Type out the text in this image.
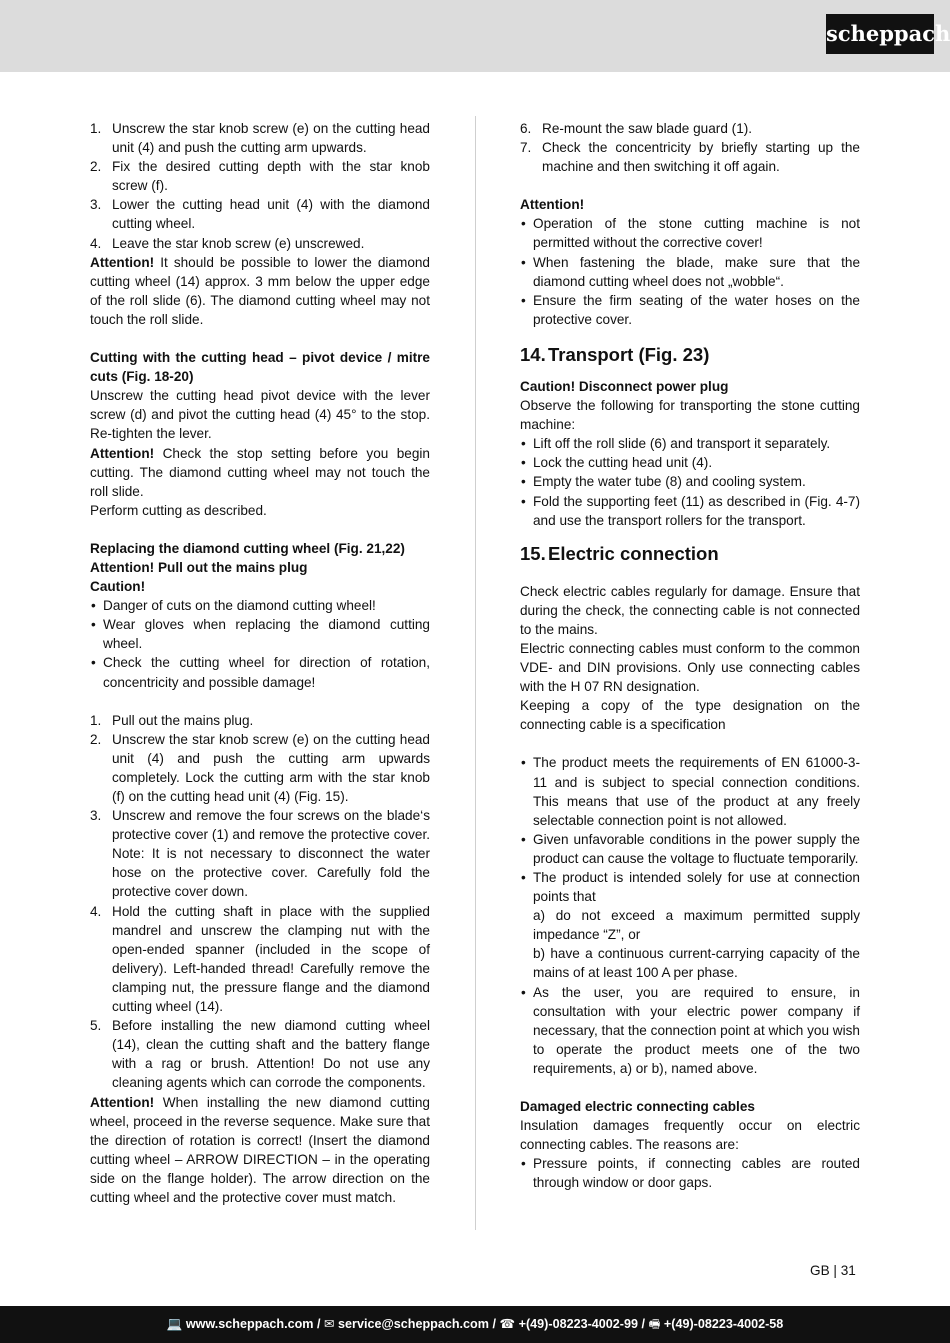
scheppach
1. Unscrew the star knob screw (e) on the cutting head unit (4) and push the cutting arm upwards.
2. Fix the desired cutting depth with the star knob screw (f).
3. Lower the cutting head unit (4) with the diamond cutting wheel.
4. Leave the star knob screw (e) unscrewed.

Attention! It should be possible to lower the diamond cutting wheel (14) approx. 3 mm below the upper edge of the roll slide (6). The diamond cutting wheel may not touch the roll slide.

Cutting with the cutting head – pivot device / mitre cuts (Fig. 18-20)

Unscrew the cutting head pivot device with the lever screw (d) and pivot the cutting head (4) 45° to the stop. Re-tighten the lever.

Attention! Check the stop setting before you begin cutting. The diamond cutting wheel may not touch the roll slide.

Perform cutting as described.

Replacing the diamond cutting wheel (Fig. 21,22)

Attention! Pull out the mains plug

Caution!

• Danger of cuts on the diamond cutting wheel!
• Wear gloves when replacing the diamond cutting wheel.
• Check the cutting wheel for direction of rotation, concentricity and possible damage!
1. Pull out the mains plug.
2. Unscrew the star knob screw (e) on the cutting head unit (4) and push the cutting arm upwards completely. Lock the cutting arm with the star knob (f) on the cutting head unit (4) (Fig. 15).
3. Unscrew and remove the four screws on the blade‘s protective cover (1) and remove the protective cover. Note: It is not necessary to disconnect the water hose on the protective cover. Carefully fold the protective cover down.
4. Hold the cutting shaft in place with the supplied mandrel and unscrew the clamping nut with the open-ended spanner (included in the scope of delivery). Left-handed thread! Carefully remove the clamping nut, the pressure flange and the diamond cutting wheel (14).
5. Before installing the new diamond cutting wheel (14), clean the cutting shaft and the battery flange with a rag or brush. Attention! Do not use any cleaning agents which can corrode the components.

Attention! When installing the new diamond cutting wheel, proceed in the reverse sequence. Make sure that the direction of rotation is correct! (Insert the diamond cutting wheel – ARROW DIRECTION – in the operating side on the flange holder). The arrow direction on the cutting wheel and the protective cover must match.

6. Re-mount the saw blade guard (1).
7. Check the concentricity by briefly starting up the machine and then switching it off again.

Attention!

• Operation of the stone cutting machine is not permitted without the corrective cover!
• When fastening the blade, make sure that the diamond cutting wheel does not „wobble“.
• Ensure the firm seating of the water hoses on the protective cover.
14. Transport (Fig. 23)

Caution! Disconnect power plug

Observe the following for transporting the stone cutting machine:

• Lift off the roll slide (6) and transport it separately.
• Lock the cutting head unit (4).
• Empty the water tube (8) and cooling system.
• Fold the supporting feet (11) as described in (Fig. 4-7) and use the transport rollers for the transport.
15. Electric connection

Check electric cables regularly for damage. Ensure that during the check, the connecting cable is not connected to the mains.

Electric connecting cables must conform to the common VDE- and DIN provisions. Only use connecting cables with the H 07 RN designation.

Keeping a copy of the type designation on the connecting cable is a specification

• The product meets the requirements of EN 61000-3-11 and is subject to special connection conditions. This means that use of the product at any freely selectable connection point is not allowed.
• Given unfavorable conditions in the power supply the product can cause the voltage to fluctuate temporarily.
• The product is intended solely for use at connection points that
a) do not exceed a maximum permitted supply impedance “Z”, or
b) have a continuous current-carrying capacity of the mains of at least 100 A per phase.
• As the user, you are required to ensure, in consultation with your electric power company if necessary, that the connection point at which you wish to operate the product meets one of the two requirements, a) or b), named above.

Damaged electric connecting cables

Insulation damages frequently occur on electric connecting cables. The reasons are:

• Pressure points, if connecting cables are routed through window or door gaps.
GB | 31
💻 www.scheppach.com / ✉ service@scheppach.com / ☎ +(49)-08223-4002-99 / 🖷 +(49)-08223-4002-58
